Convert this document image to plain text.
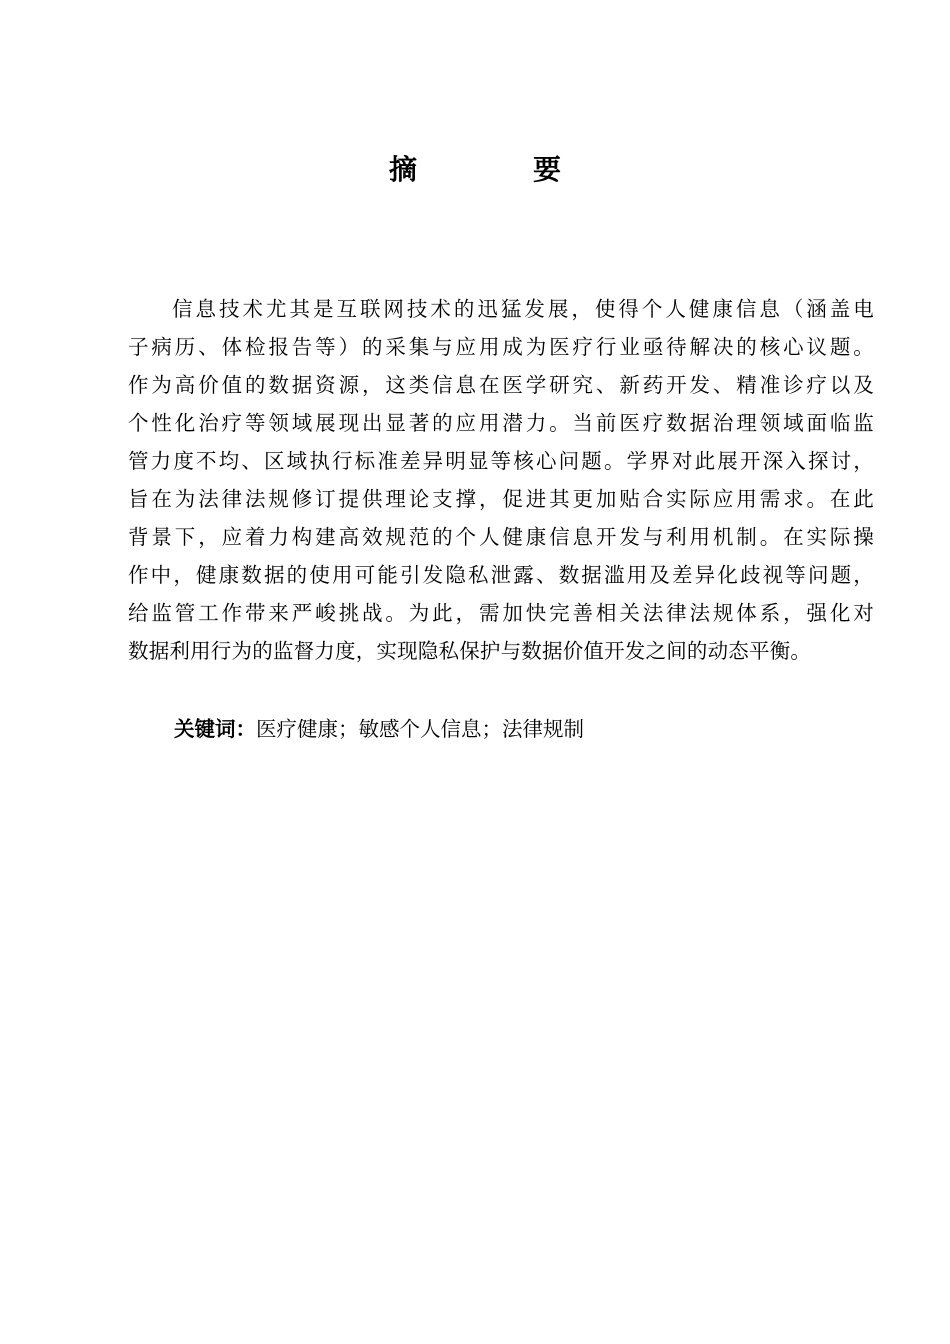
摘　要
信息技术尤其是互联网技术的迅猛发展，使得个人健康信息（涵盖电
子病历、体检报告等）的采集与应用成为医疗行业亟待解决的核心议题。
作为高价值的数据资源，这类信息在医学研究、新药开发、精准诊疗以及
个性化治疗等领域展现出显著的应用潜力。当前医疗数据治理领域面临监
管力度不均、区域执行标准差异明显等核心问题。学界对此展开深入探讨，
旨在为法律法规修订提供理论支撑，促进其更加贴合实际应用需求。在此
背景下，应着力构建高效规范的个人健康信息开发与利用机制。在实际操
作中，健康数据的使用可能引发隐私泄露、数据滥用及差异化歧视等问题，
给监管工作带来严峻挑战。为此，需加快完善相关法律法规体系，强化对
数据利用行为的监督力度，实现隐私保护与数据价值开发之间的动态平衡。
关键词：医疗健康；敏感个人信息；法律规制
